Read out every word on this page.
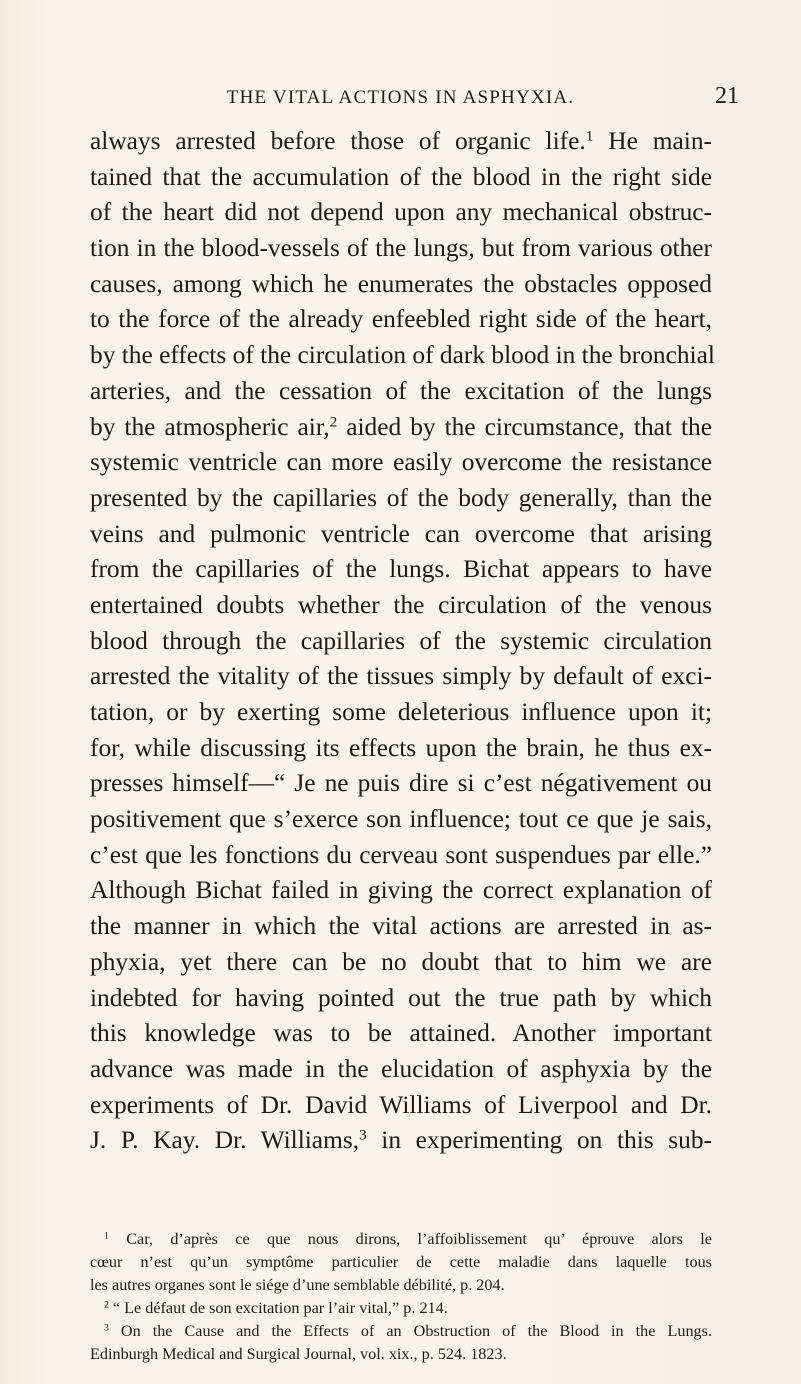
THE VITAL ACTIONS IN ASPHYXIA.	21
always arrested before those of organic life.$^1$ He main-
tained that the accumulation of the blood in the right side
of the heart did not depend upon any mechanical obstruc-
tion in the blood-vessels of the lungs, but from various other
causes, among which he enumerates the obstacles opposed
to the force of the already enfeebled right side of the heart,
by the effects of the circulation of dark blood in the bronchial
arteries, and the cessation of the excitation of the lungs
by the atmospheric air,$^2$ aided by the circumstance, that the
systemic ventricle can more easily overcome the resistance
presented by the capillaries of the body generally, than the
veins and pulmonic ventricle can overcome that arising
from the capillaries of the lungs. Bichat appears to have
entertained doubts whether the circulation of the venous
blood through the capillaries of the systemic circulation
arrested the vitality of the tissues simply by default of exci-
tation, or by exerting some deleterious influence upon it;
for, while discussing its effects upon the brain, he thus ex-
presses himself—“ Je ne puis dire si c’est négativement ou
positivement que s’exerce son influence; tout ce que je sais,
c’est que les fonctions du cerveau sont suspendues par elle.”
Although Bichat failed in giving the correct explanation of
the manner in which the vital actions are arrested in as-
phyxia, yet there can be no doubt that to him we are
indebted for having pointed out the true path by which
this knowledge was to be attained. Another important
advance was made in the elucidation of asphyxia by the
experiments of Dr. David Williams of Liverpool and Dr.
J. P. Kay. Dr. Williams,$^3$ in experimenting on this sub-
$^1$ Car, d’après ce que nous dirons, l’affoiblissement qu’ éprouve alors le
cœur n’est qu’un symptôme particulier de cette maladie dans laquelle tous
les autres organes sont le siége d’une semblable débilité, p. 204.
$^2$ “ Le défaut de son excitation par l’air vital,” p. 214.
$^3$ On the Cause and the Effects of an Obstruction of the Blood in the Lungs.
Edinburgh Medical and Surgical Journal, vol. xix., p. 524. 1823.
